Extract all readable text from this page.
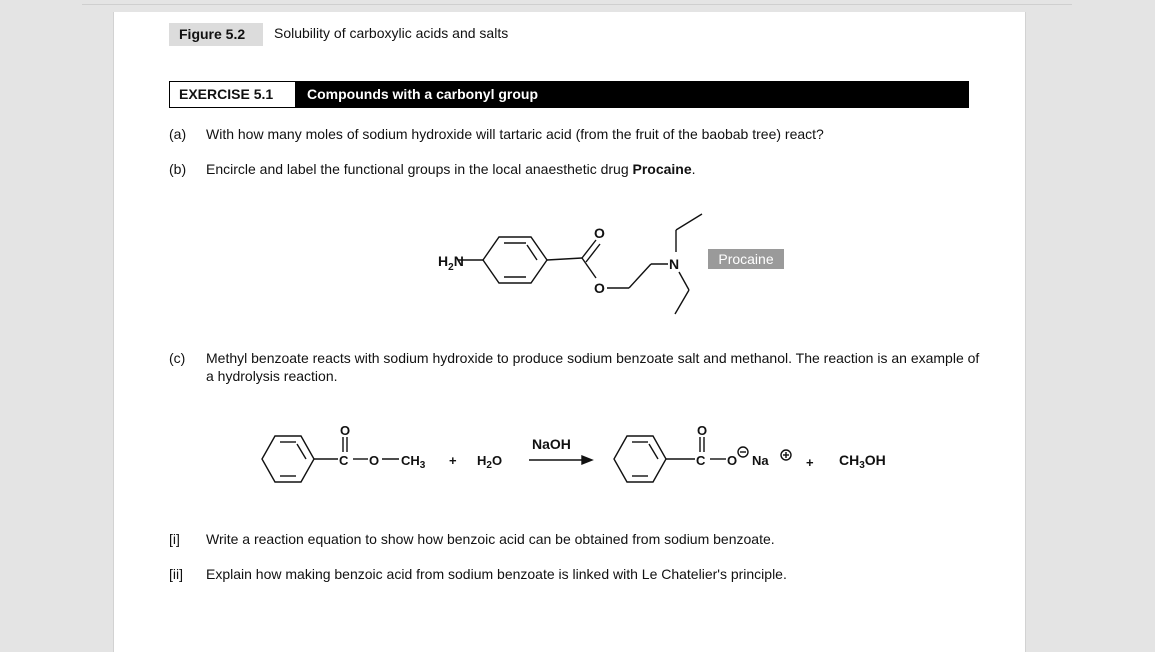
Figure 5.2	Solubility of carboxylic acids and salts
EXERCISE 5.1	Compounds with a carbonyl group
(a) With how many moles of sodium hydroxide will tartaric acid (from the fruit of the baobab tree) react?
(b) Encircle and label the functional groups in the local anaesthetic drug Procaine.
$H_2N$
O
O
N
O
C O $CH_3 + H_2O$
NaOH
O
C O Na	+ $CH_3OH$
Procaine
(c)	Methyl benzoate reacts with sodium hydroxide to produce sodium benzoate salt and methanol. The reaction is an example of a hydrolysis reaction.
[i] Write a reaction equation to show how benzoic acid can be obtained from sodium benzoate.
[ii] Explain how making benzoic acid from sodium benzoate is linked with Le Chatelier's principle.
